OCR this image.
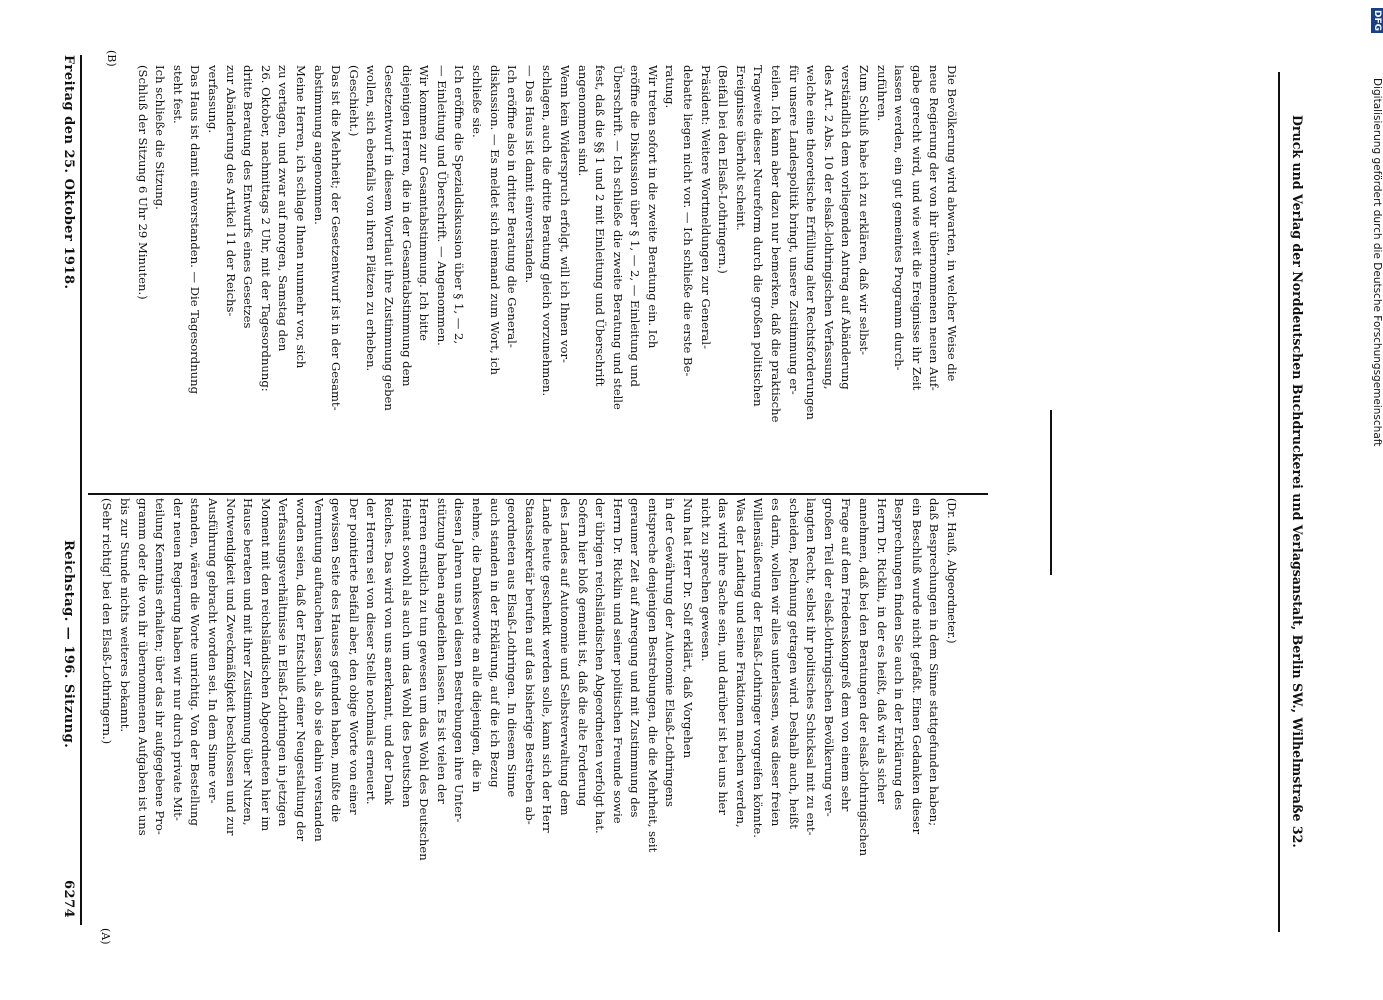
6274
Reichstag. — 196. Sitzung.
Freitag den 25. Oktober 1918.
(A)
(B)
(Dr. Hauß, Abgeordneter.)
daß Besprechungen in dem Sinne stattgefunden haben;
ein Beschluß wurde nicht gefaßt. Einen Gedanken dieser
Besprechungen finden Sie auch in der Erklärung des
Herrn Dr. Ricklin, in der es heißt, daß wir als sicher
annehmen, daß bei den Beratungen der elsaß-lothringischen
Frage auf dem Friedenskongreß dem von einem sehr
großen Teil der elsaß-lothringischen Bevölkerung ver-
langten Recht, selbst ihr politisches Schicksal mit zu ent-
scheiden, Rechnung getragen wird. Deshalb auch, heißt
es darin, wollen wir alles unterlassen, was dieser freien
Willensäußerung der Elsaß-Lothringer vorgreifen könnte.
Was der Landtag und seine Fraktionen machen werden,
das wird ihre Sache sein, und darüber ist bei uns hier
nicht zu sprechen gewesen.
Nun hat Herr Dr. Solf erklärt, daß Vorgehen
in der Gewährung der Autonomie Elsaß-Lothringens
entspreche denjenigen Bestrebungen, die die Mehrheit, seit
geraumer Zeit auf Anregung und mit Zustimmung des
Herrn Dr. Ricklin und seiner politischen Freunde sowie
der übrigen reichsländischen Abgeordneten verfolgt hat.
Sofern hier bloß gemeint ist, daß die alte Forderung
des Landes auf Autonomie und Selbstverwaltung dem
Lande heute geschenkt werden solle, kann sich der Herr
Staatssekretär berufen auf das bisherige Bestreben ab-
geordneten aus Elsaß-Lothringen. In diesem Sinne
auch standen in der Erklärung, auf die ich Bezug
nehme, die Dankesworte an alle diejenigen, die in
diesen Jahren uns bei diesen Bestrebungen ihre Unter-
stützung haben angedeihen lassen. Es ist vielen der
Herren ernstlich zu tun gewesen um das Wohl des Deutschen
Heimat sowohl als auch um das Wohl des Deutschen
Reiches. Das wird von uns anerkannt, und der Dank
der Herren sei von dieser Stelle nochmals erneuert.
Der pointierte Beifall aber, den obige Worte von einer
gewissen Seite des Hauses gefunden haben, mußte die
Vermutung auftauchen lassen, als ob sie dahin verstanden
worden seien, daß der Entschluß einer Neugestaltung der
Verfassungsverhältnisse in Elsaß-Lothringen in jetzigen
Moment mit den reichsländischen Abgeordneten hier im
Hause beraten und mit ihrer Zustimmung über Nutzen,
Notwendigkeit und Zweckmäßigkeit beschlossen und zur
Ausführung gebracht worden sei. In dem Sinne ver-
standen, wären die Worte unrichtig. Von der Bestellung
der neuen Regierung haben wir nur durch private Mit-
teilung Kenntnis erhalten; über das ihr aufgegebene Pro-
gramm oder die von ihr übernommenen Aufgaben ist uns
bis zur Stunde nichts weiteres bekannt.
(Sehr richtig! bei den Elsaß-Lothringern.)
Die Bevölkerung wird abwarten, in welcher Weise die
neue Regierung der von ihr übernommenen neuen Auf-
gabe gerecht wird, und wie weit die Ereignisse ihr Zeit
lassen werden, ein gut gemeintes Programm durch-
zuführen.
Zum Schluß habe ich zu erklären, daß wir selbst-
verständlich dem vorliegenden Antrag auf Abänderung
des Art. 2 Abs. 10 der elsaß-lothringischen Verfassung,
welche eine theoretische Erfüllung alter Rechtsforderungen
für unsere Landespolitik bringt, unsere Zustimmung er-
teilen. Ich kann aber dazu nur bemerken, daß die praktische
Tragweite dieser Neureform durch die großen politischen
Ereignisse überholt scheint.
(Beifall bei den Elsaß-Lothringern.)
Präsident: Weitere Wortmeldungen zur General-
debatte liegen nicht vor. — Ich schließe die erste Be-
ratung.
Wir treten sofort in die zweite Beratung ein. Ich
eröffne die Diskussion über § 1, — 2, — Einleitung und
Überschrift. — Ich schließe die zweite Beratung und stelle
fest, daß die §§ 1 und 2 mit Einleitung und Überschrift
angenommen sind.
Wenn kein Widerspruch erfolgt, will ich Ihnen vor-
schlagen, auch die dritte Beratung gleich vorzunehmen.
— Das Haus ist damit einverstanden.
Ich eröffne also in dritter Beratung die General-
diskussion. — Es meldet sich niemand zum Wort, ich
schließe sie.
Ich eröffne die Spezialdiskussion über § 1, — 2,
— Einleitung und Überschrift. — Angenommen.
Wir kommen zur Gesamtabstimmung. Ich bitte
diejenigen Herren, die in der Gesamtabstimmung dem
Gesetzentwurf in diesem Wortlaut ihre Zustimmung geben
wollen, sich ebenfalls von ihren Plätzen zu erheben.
(Geschieht.)
Das ist die Mehrheit; der Gesetzentwurf ist in der Gesamt-
abstimmung angenommen.
Meine Herren, ich schlage Ihnen nunmehr vor, sich
zu vertagen, und zwar auf morgen, Samstag den
26. Oktober, nachmittags 2 Uhr, mit der Tagesordnung:
dritte Beratung des Entwurfs eines Gesetzes
zur Abänderung des Artikel 11 der Reichs-
verfassung.
Das Haus ist damit einverstanden. — Die Tagesordnung
steht fest.
Ich schließe die Sitzung.
(Schluß der Sitzung 6 Uhr 29 Minuten.)	Druck und Verlag der Norddeutschen Buchdruckerei und Verlagsanstalt, Berlin SW., Wilhelmstraße 32.	Digitalisierung gefördert durch die Deutsche Forschungsgemeinschaft
DFG
